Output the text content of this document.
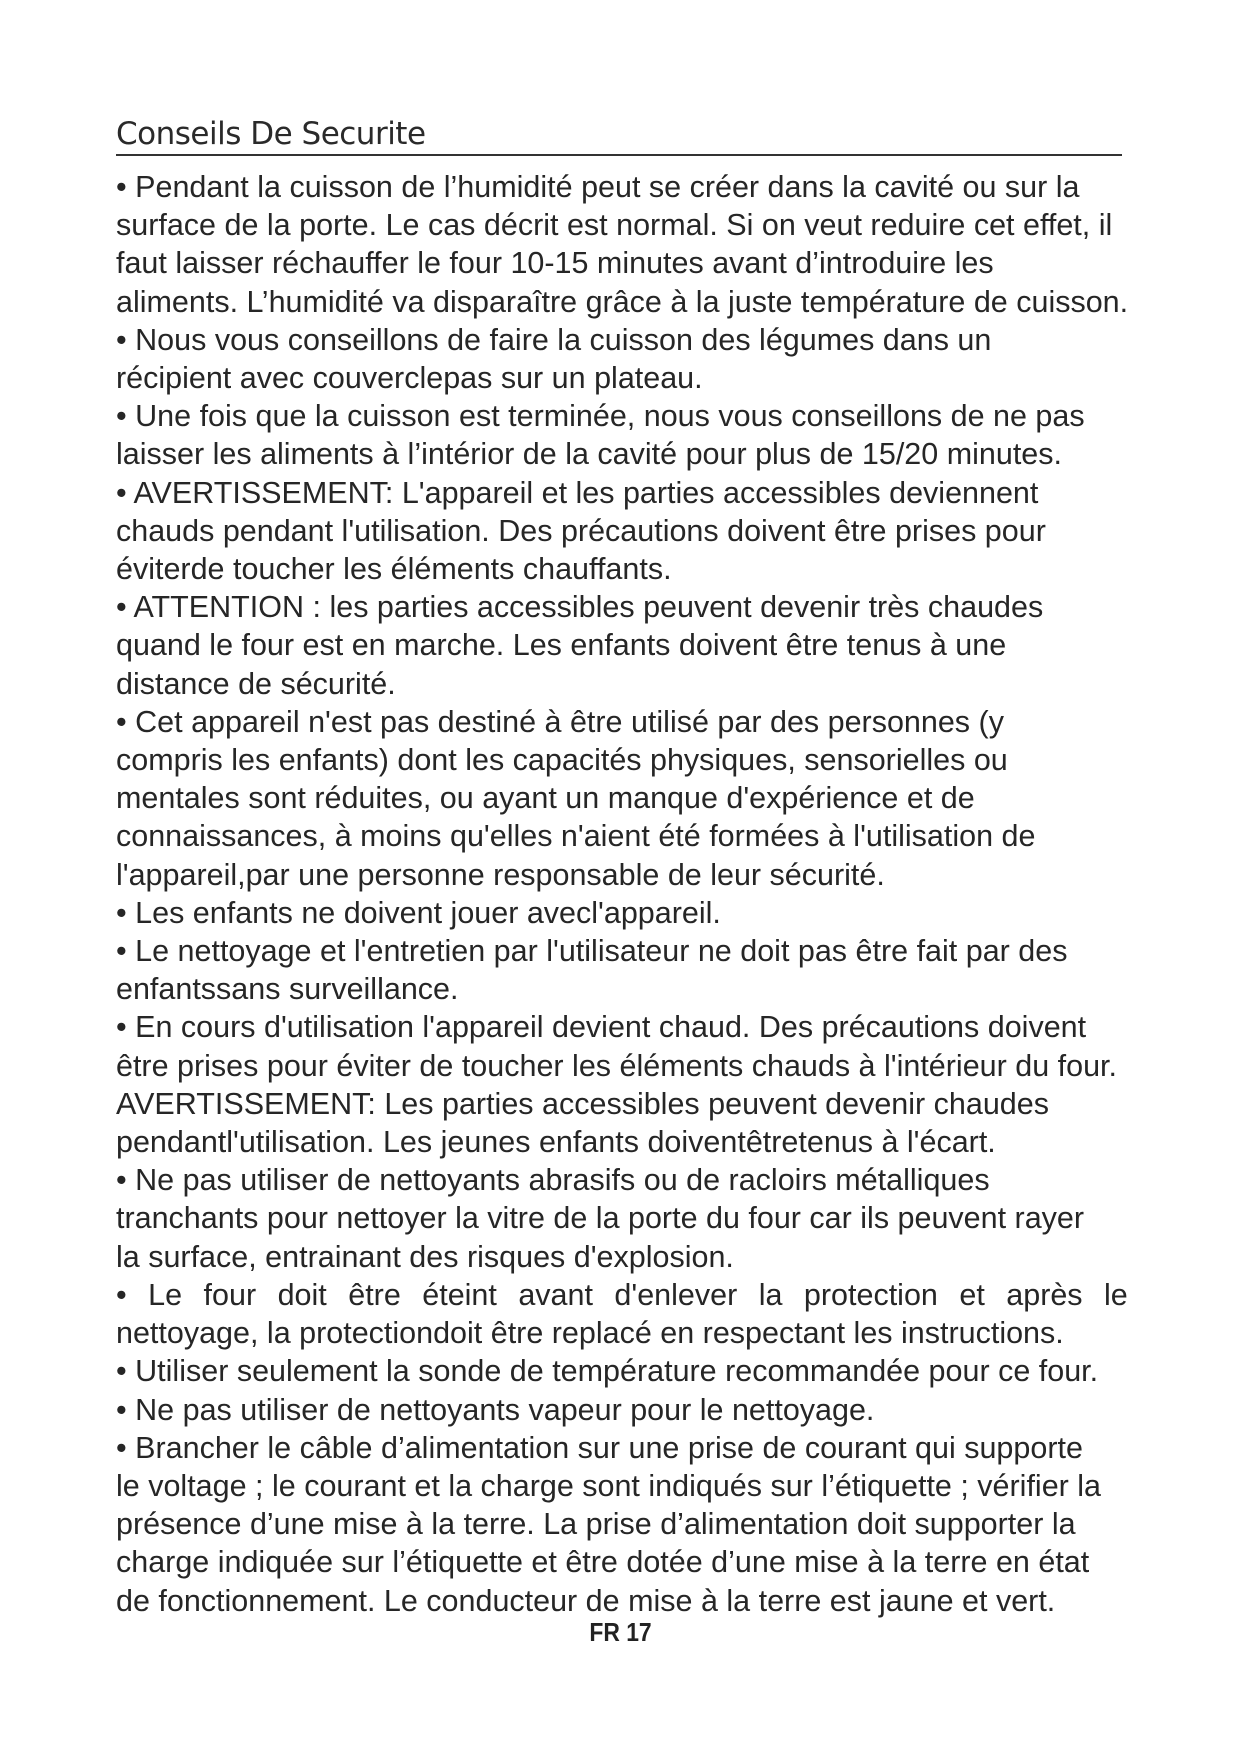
Conseils De Securite
• Pendant la cuisson de l’humidité peut se créer dans la cavité ou sur la
surface de la porte. Le cas décrit est normal. Si on veut reduire cet effet, il
faut laisser réchauffer le four 10-15 minutes avant d’introduire les
aliments. L’humidité va disparaître grâce à la juste température de cuisson.
• Nous vous conseillons de faire la cuisson des légumes dans un
récipient avec couverclepas sur un plateau.
• Une fois que la cuisson est terminée, nous vous conseillons de ne pas
laisser les aliments à l’intérior de la cavité pour plus de 15/20 minutes.
• AVERTISSEMENT: L'appareil et les parties accessibles deviennent
chauds pendant l'utilisation. Des précautions doivent être prises pour
éviterde toucher les éléments chauffants.
• ATTENTION : les parties accessibles peuvent devenir très chaudes
quand le four est en marche. Les enfants doivent être tenus à une
distance de sécurité.
• Cet appareil n'est pas destiné à être utilisé par des personnes (y
compris les enfants) dont les capacités physiques, sensorielles ou
mentales sont réduites, ou ayant un manque d'expérience et de
connaissances, à moins qu'elles n'aient été formées à l'utilisation de
l'appareil,par une personne responsable de leur sécurité.
• Les enfants ne doivent jouer avecl'appareil.
• Le nettoyage et l'entretien par l'utilisateur ne doit pas être fait par des
enfantssans surveillance.
• En cours d'utilisation l'appareil devient chaud. Des précautions doivent
être prises pour éviter de toucher les éléments chauds à l'intérieur du four.
AVERTISSEMENT: Les parties accessibles peuvent devenir chaudes
pendantl'utilisation. Les jeunes enfants doiventêtretenus à l'écart.
• Ne pas utiliser de nettoyants abrasifs ou de racloirs métalliques
tranchants pour nettoyer la vitre de la porte du four car ils peuvent rayer
la surface, entrainant des risques d'explosion.
• Le four doit être éteint avant d'enlever la protection et après le
nettoyage, la protectiondoit être replacé en respectant les instructions.
• Utiliser seulement la sonde de température recommandée pour ce four.
• Ne pas utiliser de nettoyants vapeur pour le nettoyage.
• Brancher le câble d’alimentation sur une prise de courant qui supporte
le voltage ; le courant et la charge sont indiqués sur l’étiquette ; vérifier la
présence d’une mise à la terre. La prise d’alimentation doit supporter la
charge indiquée sur l’étiquette et être dotée d’une mise à la terre en état
de fonctionnement. Le conducteur de mise à la terre est jaune et vert.
FR 17
